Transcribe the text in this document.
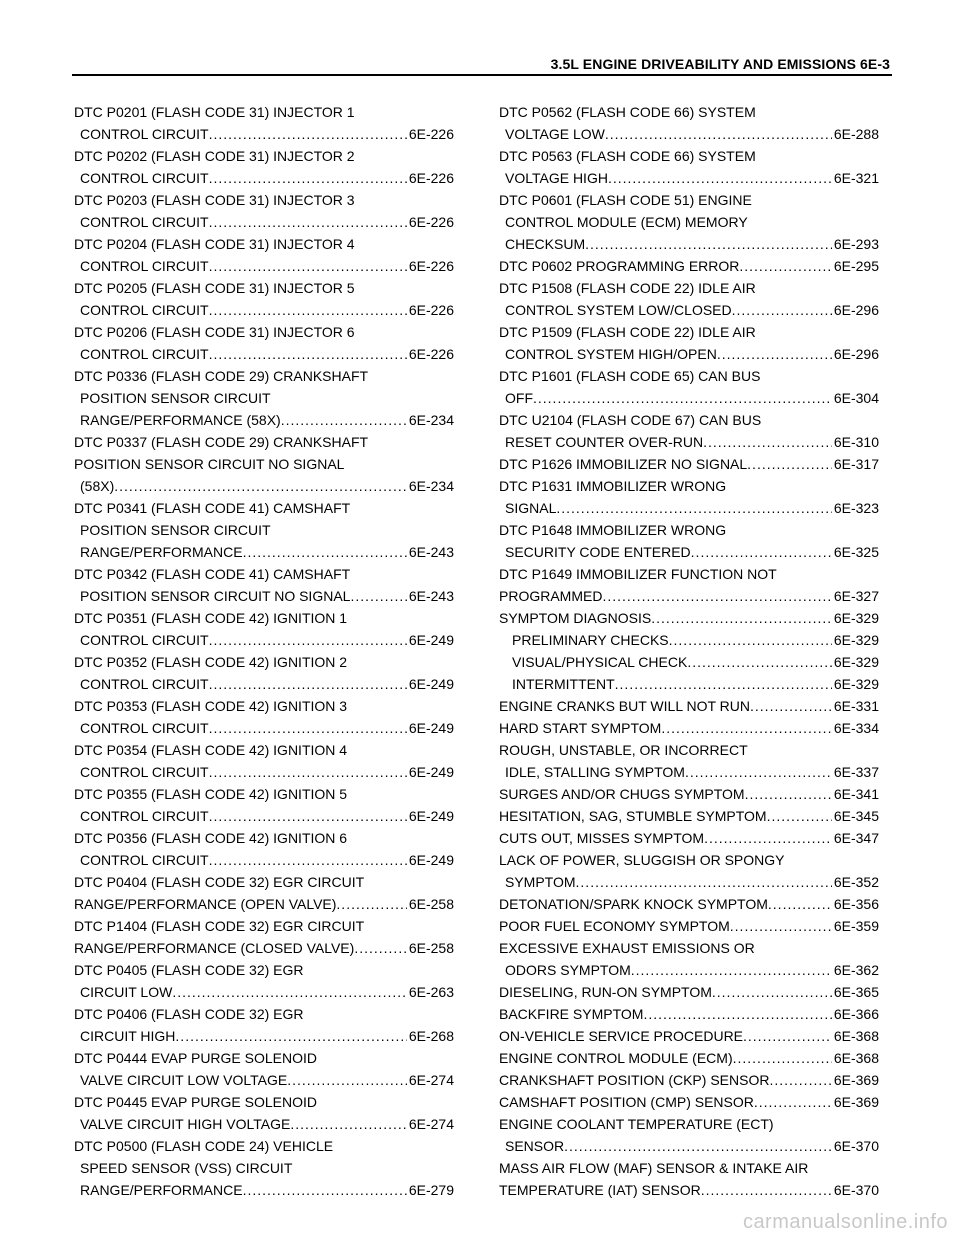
3.5L ENGINE DRIVEABILITY AND EMISSIONS 6E-3
DTC P0201 (FLASH CODE 31) INJECTOR 1
CONTROL CIRCUIT .....	6E-226
DTC P0202 (FLASH CODE 31) INJECTOR 2
CONTROL CIRCUIT .....	6E-226
DTC P0203 (FLASH CODE 31) INJECTOR 3
CONTROL CIRCUIT .....	6E-226
DTC P0204 (FLASH CODE 31) INJECTOR 4
CONTROL CIRCUIT .....	6E-226
DTC P0205 (FLASH CODE 31) INJECTOR 5
CONTROL CIRCUIT .....	6E-226
DTC P0206 (FLASH CODE 31) INJECTOR 6
CONTROL CIRCUIT .....	6E-226
DTC P0336 (FLASH CODE 29) CRANKSHAFT
POSITION SENSOR CIRCUIT
RANGE/PERFORMANCE (58X) .....	6E-234
DTC P0337 (FLASH CODE 29) CRANKSHAFT
POSITION SENSOR CIRCUIT NO SIGNAL
(58X) .....	6E-234
DTC P0341 (FLASH CODE 41) CAMSHAFT
POSITION SENSOR CIRCUIT
RANGE/PERFORMANCE .....	6E-243
DTC P0342 (FLASH CODE 41) CAMSHAFT
POSITION SENSOR CIRCUIT NO SIGNAL .....	6E-243
DTC P0351 (FLASH CODE 42) IGNITION 1
CONTROL CIRCUIT .....	6E-249
DTC P0352 (FLASH CODE 42) IGNITION 2
CONTROL CIRCUIT .....	6E-249
DTC P0353 (FLASH CODE 42) IGNITION 3
CONTROL CIRCUIT .....	6E-249
DTC P0354 (FLASH CODE 42) IGNITION 4
CONTROL CIRCUIT .....	6E-249
DTC P0355 (FLASH CODE 42) IGNITION 5
CONTROL CIRCUIT .....	6E-249
DTC P0356 (FLASH CODE 42) IGNITION 6
CONTROL CIRCUIT .....	6E-249
DTC P0404 (FLASH CODE 32) EGR CIRCUIT
RANGE/PERFORMANCE (OPEN VALVE) .....	6E-258
DTC P1404 (FLASH CODE 32) EGR CIRCUIT
RANGE/PERFORMANCE (CLOSED VALVE) .....	6E-258
DTC P0405 (FLASH CODE 32) EGR
CIRCUIT LOW .....	6E-263
DTC P0406 (FLASH CODE 32) EGR
CIRCUIT HIGH .....	6E-268
DTC P0444 EVAP PURGE SOLENOID
VALVE CIRCUIT LOW VOLTAGE .....	6E-274
DTC P0445 EVAP PURGE SOLENOID
VALVE CIRCUIT HIGH VOLTAGE .....	6E-274
DTC P0500 (FLASH CODE 24) VEHICLE
SPEED SENSOR (VSS) CIRCUIT
RANGE/PERFORMANCE .....	6E-279
DTC P0562 (FLASH CODE 66) SYSTEM
VOLTAGE LOW .....	6E-288
DTC P0563 (FLASH CODE 66) SYSTEM
VOLTAGE HIGH .....	6E-321
DTC P0601 (FLASH CODE 51) ENGINE
CONTROL MODULE (ECM) MEMORY
CHECKSUM .....	6E-293
DTC P0602 PROGRAMMING ERROR .....	6E-295
DTC P1508 (FLASH CODE 22) IDLE AIR
CONTROL SYSTEM LOW/CLOSED .....	6E-296
DTC P1509 (FLASH CODE 22) IDLE AIR
CONTROL SYSTEM HIGH/OPEN .....	6E-296
DTC P1601 (FLASH CODE 65) CAN BUS
OFF .....	6E-304
DTC U2104 (FLASH CODE 67) CAN BUS
RESET COUNTER OVER-RUN .....	6E-310
DTC P1626 IMMOBILIZER NO SIGNAL .....	6E-317
DTC P1631 IMMOBILIZER WRONG
SIGNAL .....	6E-323
DTC P1648 IMMOBILIZER WRONG
SECURITY CODE ENTERED .....	6E-325
DTC P1649 IMMOBILIZER FUNCTION NOT
PROGRAMMED .....	6E-327
SYMPTOM DIAGNOSIS .....	6E-329
PRELIMINARY CHECKS .....	6E-329
VISUAL/PHYSICAL CHECK .....	6E-329
INTERMITTENT .....	6E-329
ENGINE CRANKS BUT WILL NOT RUN .....	6E-331
HARD START SYMPTOM .....	6E-334
ROUGH, UNSTABLE, OR INCORRECT
IDLE, STALLING SYMPTOM .....	6E-337
SURGES AND/OR CHUGS SYMPTOM .....	6E-341
HESITATION, SAG, STUMBLE SYMPTOM .....	6E-345
CUTS OUT, MISSES SYMPTOM .....	6E-347
LACK OF POWER, SLUGGISH OR SPONGY
SYMPTOM .....	6E-352
DETONATION/SPARK KNOCK SYMPTOM .....	6E-356
POOR FUEL ECONOMY SYMPTOM .....	6E-359
EXCESSIVE EXHAUST EMISSIONS OR
ODORS SYMPTOM .....	6E-362
DIESELING, RUN-ON SYMPTOM .....	6E-365
BACKFIRE SYMPTOM .....	6E-366
ON-VEHICLE SERVICE PROCEDURE .....	6E-368
ENGINE CONTROL MODULE (ECM) .....	6E-368
CRANKSHAFT POSITION (CKP) SENSOR .....	6E-369
CAMSHAFT POSITION (CMP) SENSOR .....	6E-369
ENGINE COOLANT TEMPERATURE (ECT)
SENSOR .....	6E-370
MASS AIR FLOW (MAF) SENSOR & INTAKE AIR
TEMPERATURE (IAT) SENSOR .....	6E-370
carmanualsonline.info
